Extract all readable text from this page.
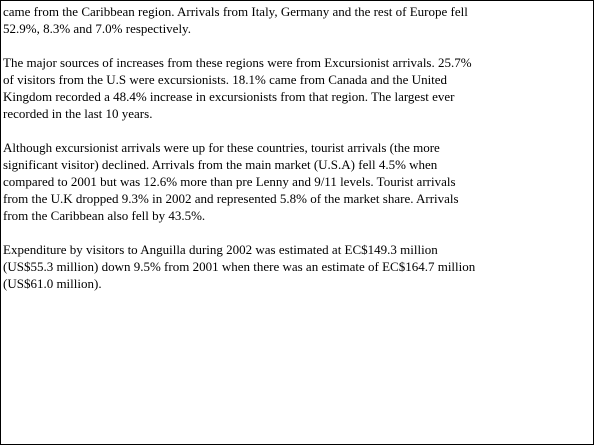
came from the Caribbean region. Arrivals from Italy, Germany and the rest of Europe fell
52.9%, 8.3% and 7.0% respectively.

The major sources of increases from these regions were from Excursionist arrivals. 25.7%
of visitors from the U.S were excursionists. 18.1% came from Canada and the United
Kingdom recorded a 48.4% increase in excursionists from that region. The largest ever
recorded in the last 10 years.

Although excursionist arrivals were up for these countries, tourist arrivals (the more
significant visitor) declined. Arrivals from the main market (U.S.A) fell 4.5% when
compared to 2001 but was 12.6% more than pre Lenny and 9/11 levels. Tourist arrivals
from the U.K dropped 9.3% in 2002 and represented 5.8% of the market share. Arrivals
from the Caribbean also fell by 43.5%.

Expenditure by visitors to Anguilla during 2002 was estimated at EC$149.3 million
(US$55.3 million) down 9.5% from 2001 when there was an estimate of EC$164.7 million
(US$61.0 million).
